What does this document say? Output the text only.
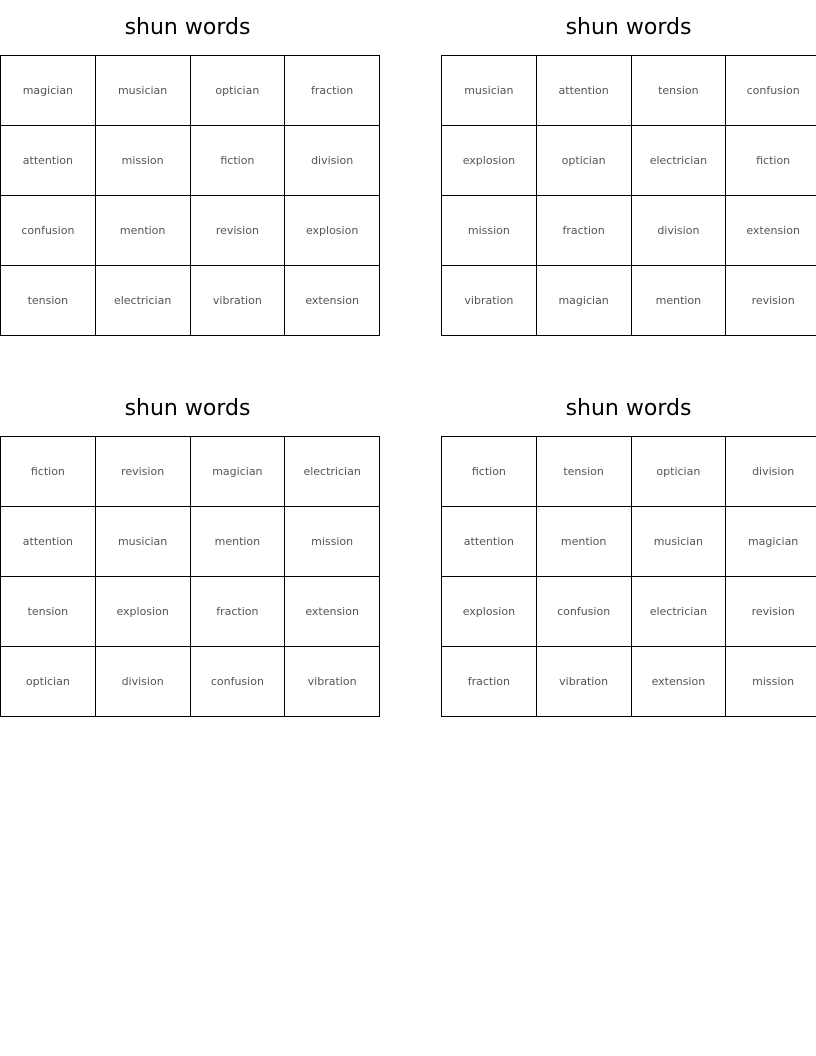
shun words
magician	musician	optician	fraction
attention	mission	fiction	division
confusion	mention	revision	explosion
tension	electrician	vibration	extension
shun words
musician	attention	tension	confusion
explosion	optician	electrician	fiction
mission	fraction	division	extension
vibration	magician	mention	revision
shun words
fiction	revision	magician	electrician
attention	musician	mention	mission
tension	explosion	fraction	extension
optician	division	confusion	vibration
shun words
fiction	tension	optician	division
attention	mention	musician	magician
explosion	confusion	electrician	revision
fraction	vibration	extension	mission
